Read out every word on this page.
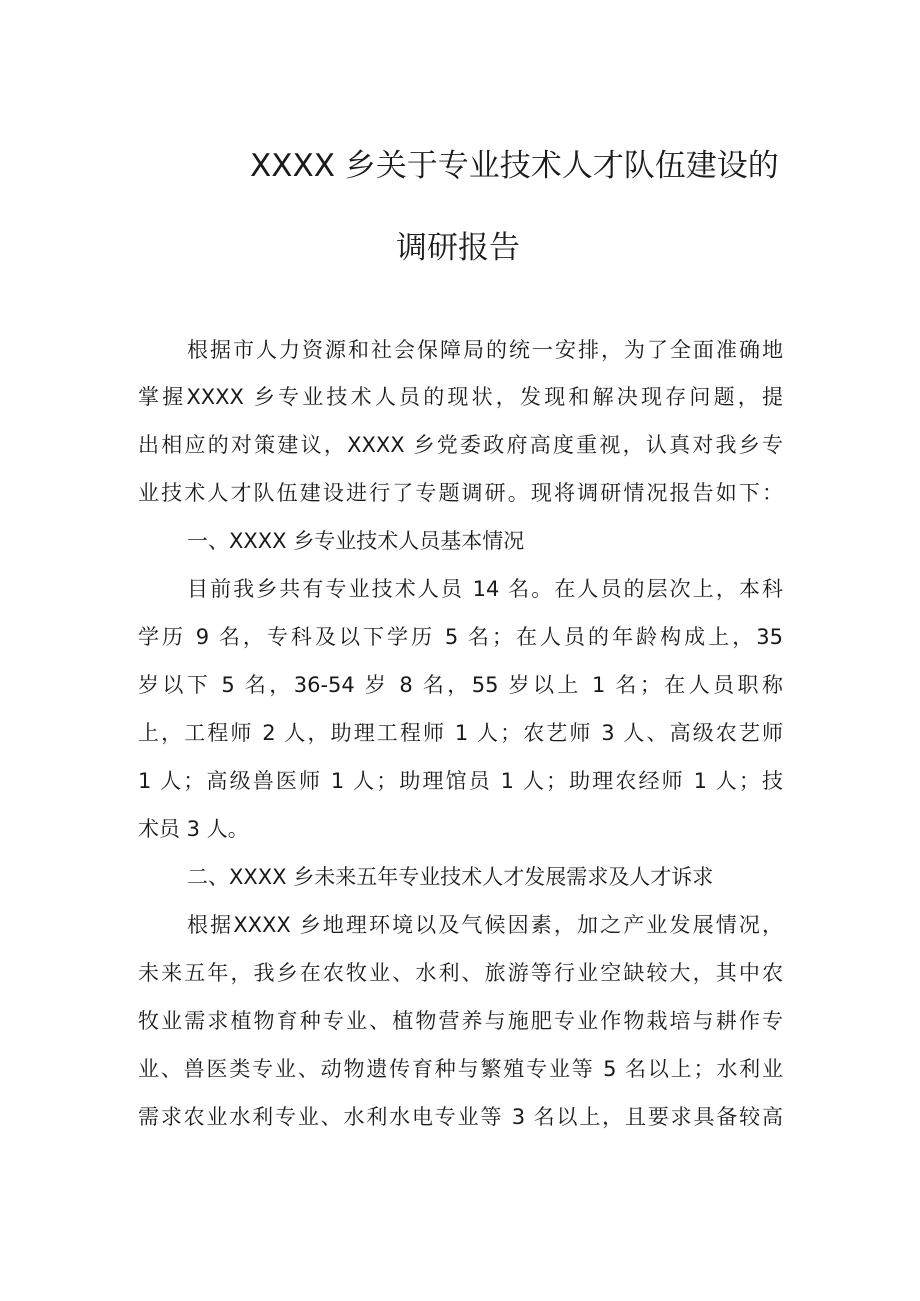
XXXX 乡关于专业技术人才队伍建设的
调研报告
根据市人力资源和社会保障局的统一安排，为了全面准确地
掌握XXXX 乡专业技术人员的现状，发现和解决现存问题，提
出相应的对策建议，XXXX 乡党委政府高度重视，认真对我乡专
业技术人才队伍建设进行了专题调研。现将调研情况报告如下：
一、XXXX 乡专业技术人员基本情况
目前我乡共有专业技术人员 14 名。在人员的层次上，本科
学历 9 名，专科及以下学历 5 名；在人员的年龄构成上，35
岁以下 5 名，36-54 岁 8 名，55 岁以上 1 名；在人员职称
上，工程师 2 人，助理工程师 1 人；农艺师 3 人、高级农艺师
1 人；高级兽医师 1 人；助理馆员 1 人；助理农经师 1 人；技
术员 3 人。
二、XXXX 乡未来五年专业技术人才发展需求及人才诉求
根据XXXX 乡地理环境以及气候因素，加之产业发展情况，
未来五年，我乡在农牧业、水利、旅游等行业空缺较大，其中农
牧业需求植物育种专业、植物营养与施肥专业作物栽培与耕作专
业、兽医类专业、动物遗传育种与繁殖专业等 5 名以上；水利业
需求农业水利专业、水利水电专业等 3 名以上，且要求具备较高
